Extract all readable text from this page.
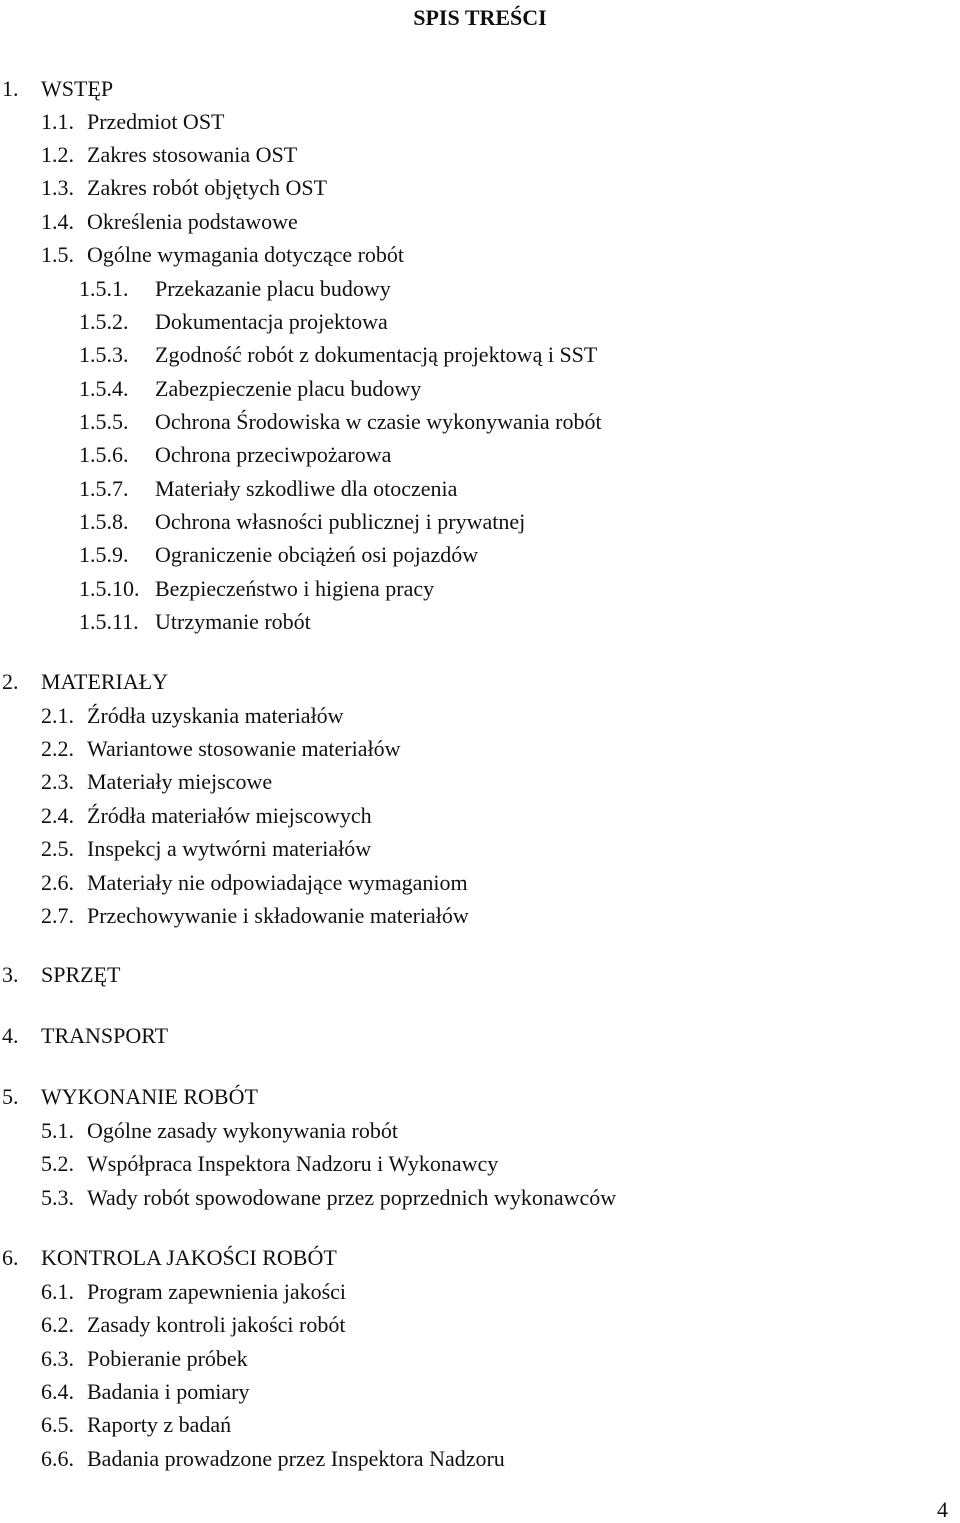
SPIS TREŚCI
1. WSTĘP
1.1. Przedmiot OST
1.2. Zakres stosowania OST
1.3. Zakres robót objętych OST
1.4. Określenia podstawowe
1.5. Ogólne wymagania dotyczące robót
1.5.1. Przekazanie placu budowy
1.5.2. Dokumentacja projektowa
1.5.3. Zgodność robót z dokumentacją projektową i SST
1.5.4. Zabezpieczenie placu budowy
1.5.5. Ochrona Środowiska w czasie wykonywania robót
1.5.6. Ochrona przeciwpożarowa
1.5.7. Materiały szkodliwe dla otoczenia
1.5.8. Ochrona własności publicznej i prywatnej
1.5.9. Ograniczenie obciążeń osi pojazdów
1.5.10. Bezpieczeństwo i higiena pracy
1.5.11. Utrzymanie robót
2. MATERIAŁY
2.1. Źródła uzyskania materiałów
2.2. Wariantowe stosowanie materiałów
2.3. Materiały miejscowe
2.4. Źródła materiałów miejscowych
2.5. Inspekcj a wytwórni materiałów
2.6. Materiały nie odpowiadające wymaganiom
2.7. Przechowywanie i składowanie materiałów
3. SPRZĘT
4. TRANSPORT
5. WYKONANIE ROBÓT
5.1. Ogólne zasady wykonywania robót
5.2. Współpraca Inspektora Nadzoru i Wykonawcy
5.3. Wady robót spowodowane przez poprzednich wykonawców
6. KONTROLA JAKOŚCI ROBÓT
6.1. Program zapewnienia jakości
6.2. Zasady kontroli jakości robót
6.3. Pobieranie próbek
6.4. Badania i pomiary
6.5. Raporty z badań
6.6. Badania prowadzone przez Inspektora Nadzoru
4
